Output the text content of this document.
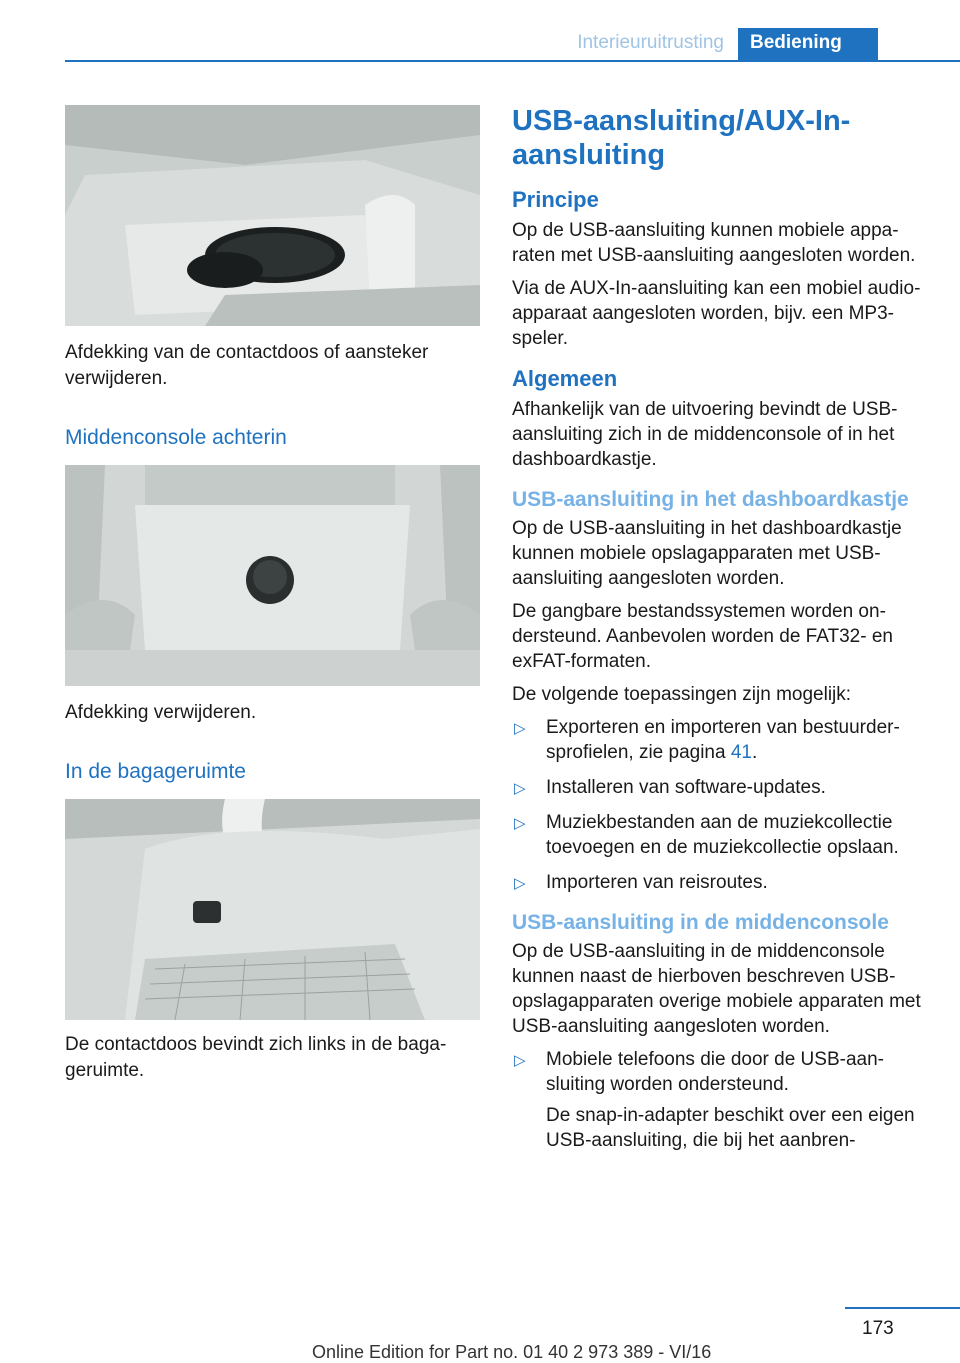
Interieuruitrusting	Bediening
Afdekking van de contactdoos of aansteker verwijderen.
Middenconsole achterin
Afdekking verwijderen.
In de bagageruimte
De contactdoos bevindt zich links in de bagageruimte.
USB-aansluiting/AUX-In-aansluiting
Principe

Op de USB-aansluiting kunnen mobiele apparaten met USB-aansluiting aangesloten worden.

Via de AUX-In-aansluiting kan een mobiel audio-apparaat aangesloten worden, bijv. een MP3-speler.

Algemeen

Afhankelijk van de uitvoering bevindt de USB-aansluiting zich in de middenconsole of in het dashboardkastje.

USB-aansluiting in het dashboardkastje

Op de USB-aansluiting in het dashboardkastje kunnen mobiele opslagapparaten met USB-aansluiting aangesloten worden.

De gangbare bestandssystemen worden ondersteund. Aanbevolen worden de FAT32- en exFAT-formaten.

De volgende toepassingen zijn mogelijk:

▷ Exporteren en importeren van bestuurdersprofielen, zie pagina 41.
▷ Installeren van software-updates.
▷ Muziekbestanden aan de muziekcollectie toevoegen en de muziekcollectie opslaan.
▷ Importeren van reisroutes.
USB-aansluiting in de middenconsole

Op de USB-aansluiting in de middenconsole kunnen naast de hierboven beschreven USB-opslagapparaten overige mobiele apparaten met USB-aansluiting aangesloten worden.

▷ Mobiele telefoons die door de USB-aansluiting worden ondersteund.

De snap-in-adapter beschikt over een eigen USB-aansluiting, die bij het aanbren-

173
Online Edition for Part no. 01 40 2 973 389 - VI/16
